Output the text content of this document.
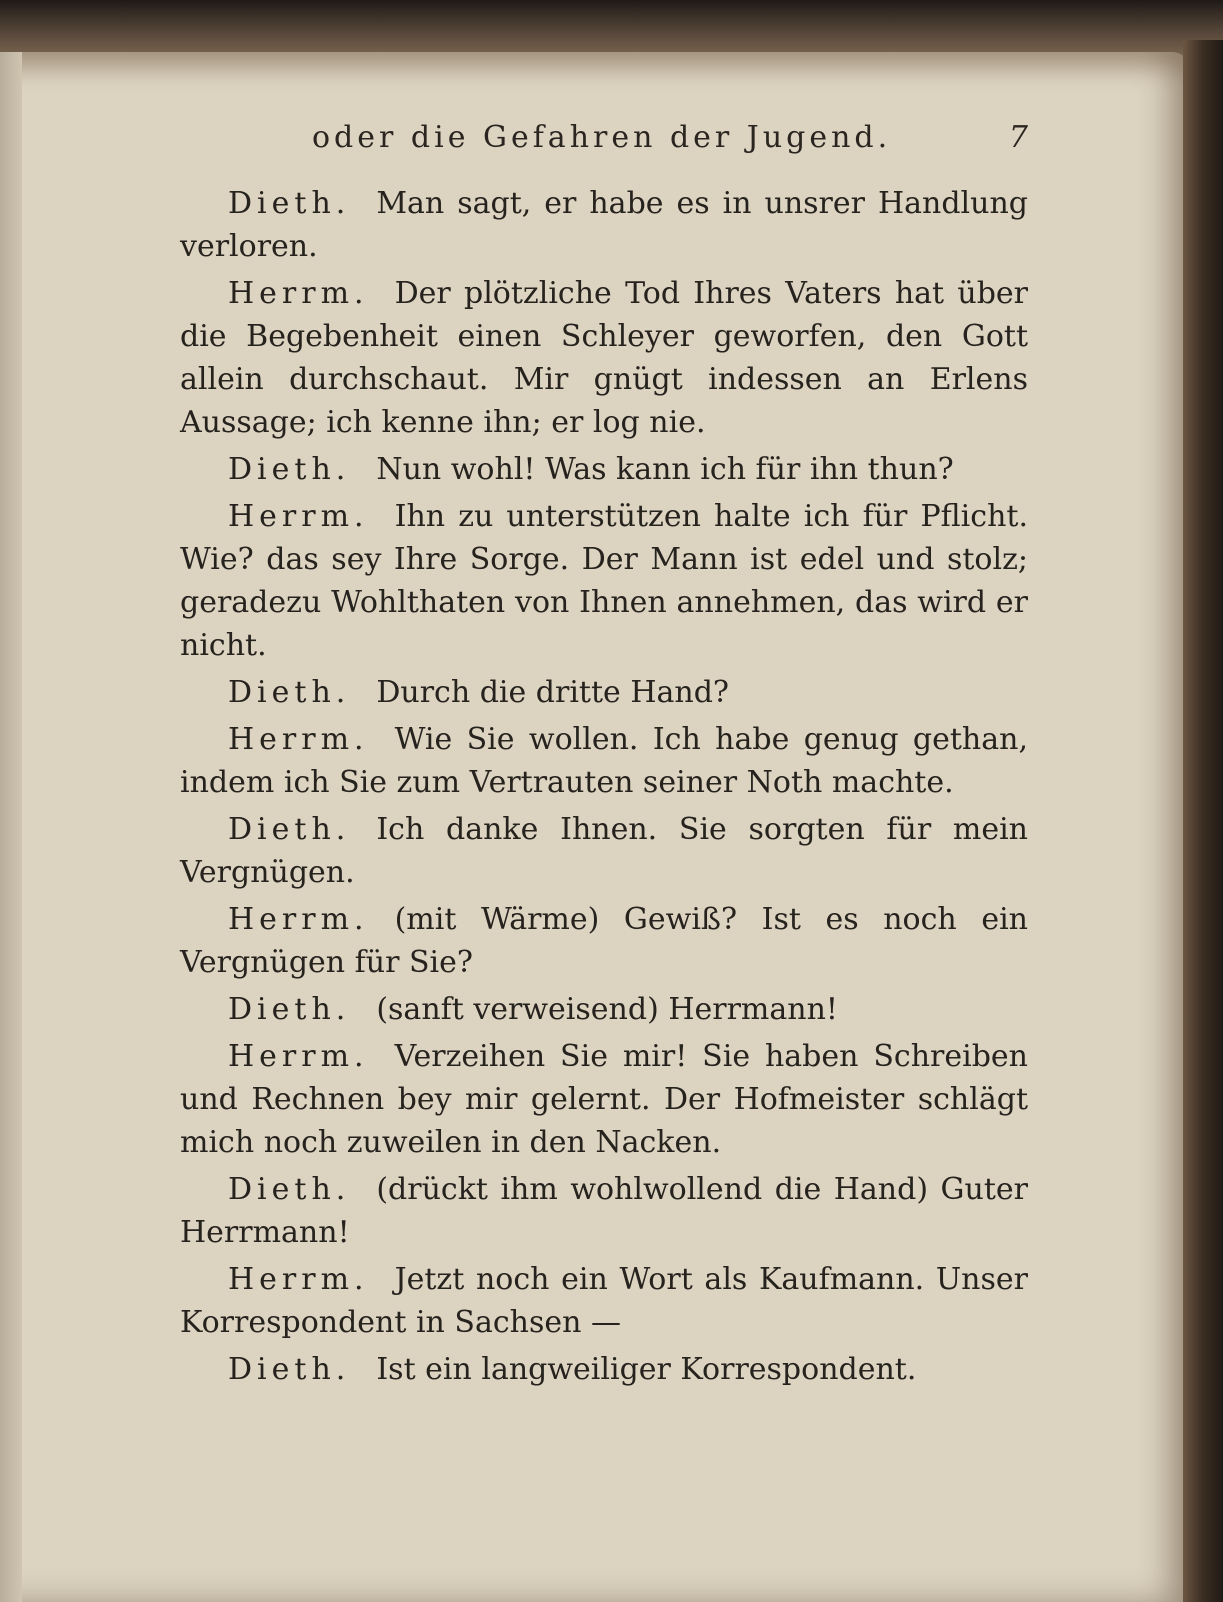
oder die Gefahren der Jugend.	7

Dieth. Man sagt, er habe es in unsrer Handlung verloren.

Herrm. Der plötzliche Tod Ihres Vaters hat über die Begebenheit einen Schleyer geworfen, den Gott allein durchschaut. Mir gnügt indessen an Erlens Aussage; ich kenne ihn; er log nie.

Dieth. Nun wohl! Was kann ich für ihn thun?

Herrm. Ihn zu unterstützen halte ich für Pflicht. Wie? das sey Ihre Sorge. Der Mann ist edel und stolz; geradezu Wohlthaten von Ihnen annehmen, das wird er nicht.

Dieth. Durch die dritte Hand?

Herrm. Wie Sie wollen. Ich habe genug gethan, indem ich Sie zum Vertrauten seiner Noth machte.

Dieth. Ich danke Ihnen. Sie sorgten für mein Vergnügen.

Herrm. (mit Wärme) Gewiß? Ist es noch ein Vergnügen für Sie?

Dieth. (sanft verweisend) Herrmann!

Herrm. Verzeihen Sie mir! Sie haben Schreiben und Rechnen bey mir gelernt. Der Hofmeister schlägt mich noch zuweilen in den Nacken.

Dieth. (drückt ihm wohlwollend die Hand) Guter Herrmann!

Herrm. Jetzt noch ein Wort als Kaufmann. Unser Korrespondent in Sachsen —

Dieth. Ist ein langweiliger Korrespondent.
